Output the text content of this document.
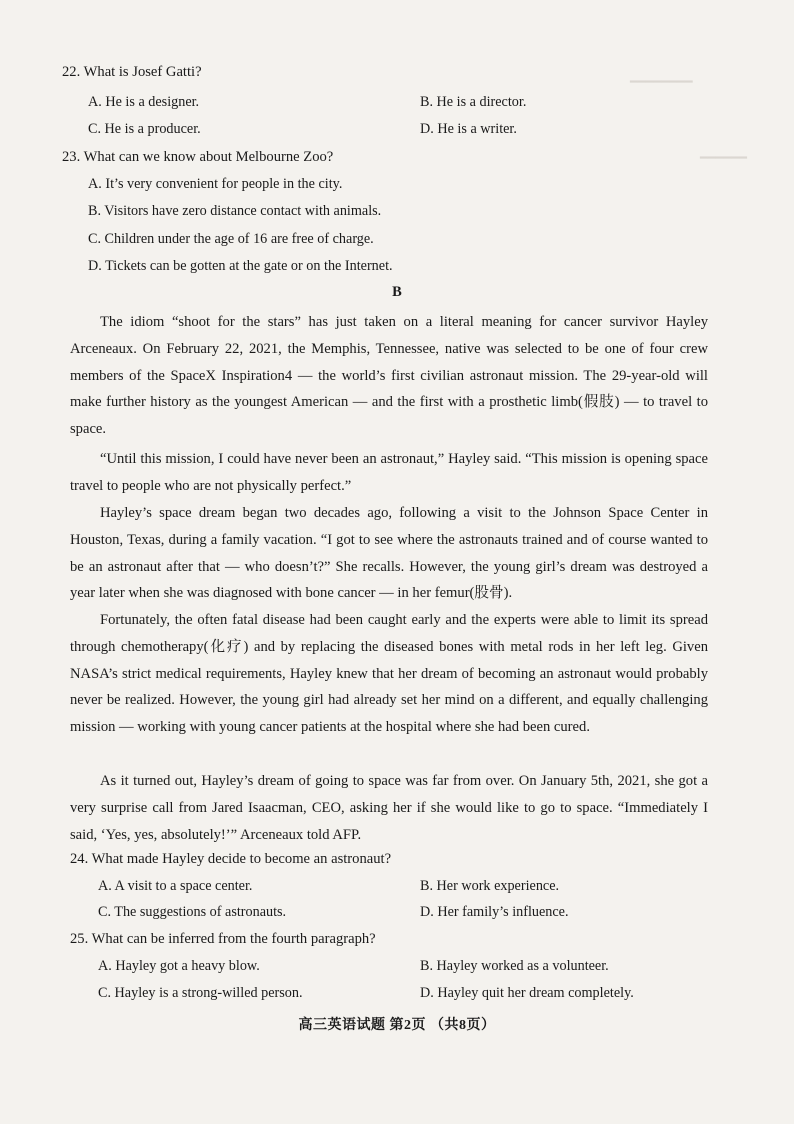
━━━━━━━━
━━━━━━
22. What is Josef Gatti?
A. He is a designer.	B. He is a director.
C. He is a producer.	D. He is a writer.
23. What can we know about Melbourne Zoo?
A. It’s very convenient for people in the city.
B. Visitors have zero distance contact with animals.
C. Children under the age of 16 are free of charge.
D. Tickets can be gotten at the gate or on the Internet.
B
The idiom “shoot for the stars” has just taken on a literal meaning for cancer survivor Hayley Arceneaux. On February 22, 2021, the Memphis, Tennessee, native was selected to be one of four crew members of the SpaceX Inspiration4 — the world’s first civilian astronaut mission. The 29-year-old will make further history as the youngest American — and the first with a prosthetic limb(假肢) — to travel to space.
“Until this mission, I could have never been an astronaut,” Hayley said. “This mission is opening space travel to people who are not physically perfect.”
Hayley’s space dream began two decades ago, following a visit to the Johnson Space Center in Houston, Texas, during a family vacation. “I got to see where the astronauts trained and of course wanted to be an astronaut after that — who doesn’t?” She recalls. However, the young girl’s dream was destroyed a year later when she was diagnosed with bone cancer — in her femur(股骨).
Fortunately, the often fatal disease had been caught early and the experts were able to limit its spread through chemotherapy(化疗) and by replacing the diseased bones with metal rods in her left leg. Given NASA’s strict medical requirements, Hayley knew that her dream of becoming an astronaut would probably never be realized. However, the young girl had already set her mind on a different, and equally challenging mission — working with young cancer patients at the hospital where she had been cured.
As it turned out, Hayley’s dream of going to space was far from over. On January 5th, 2021, she got a very surprise call from Jared Isaacman, CEO, asking her if she would like to go to space. “Immediately I said, ‘Yes, yes, absolutely!’” Arceneaux told AFP.
24. What made Hayley decide to become an astronaut?
A. A visit to a space center.	B. Her work experience.
C. The suggestions of astronauts.	D. Her family’s influence.
25. What can be inferred from the fourth paragraph?
A. Hayley got a heavy blow.	B. Hayley worked as a volunteer.
C. Hayley is a strong-willed person.	D. Hayley quit her dream completely.
高三英语试题 第2页 （共8页）
